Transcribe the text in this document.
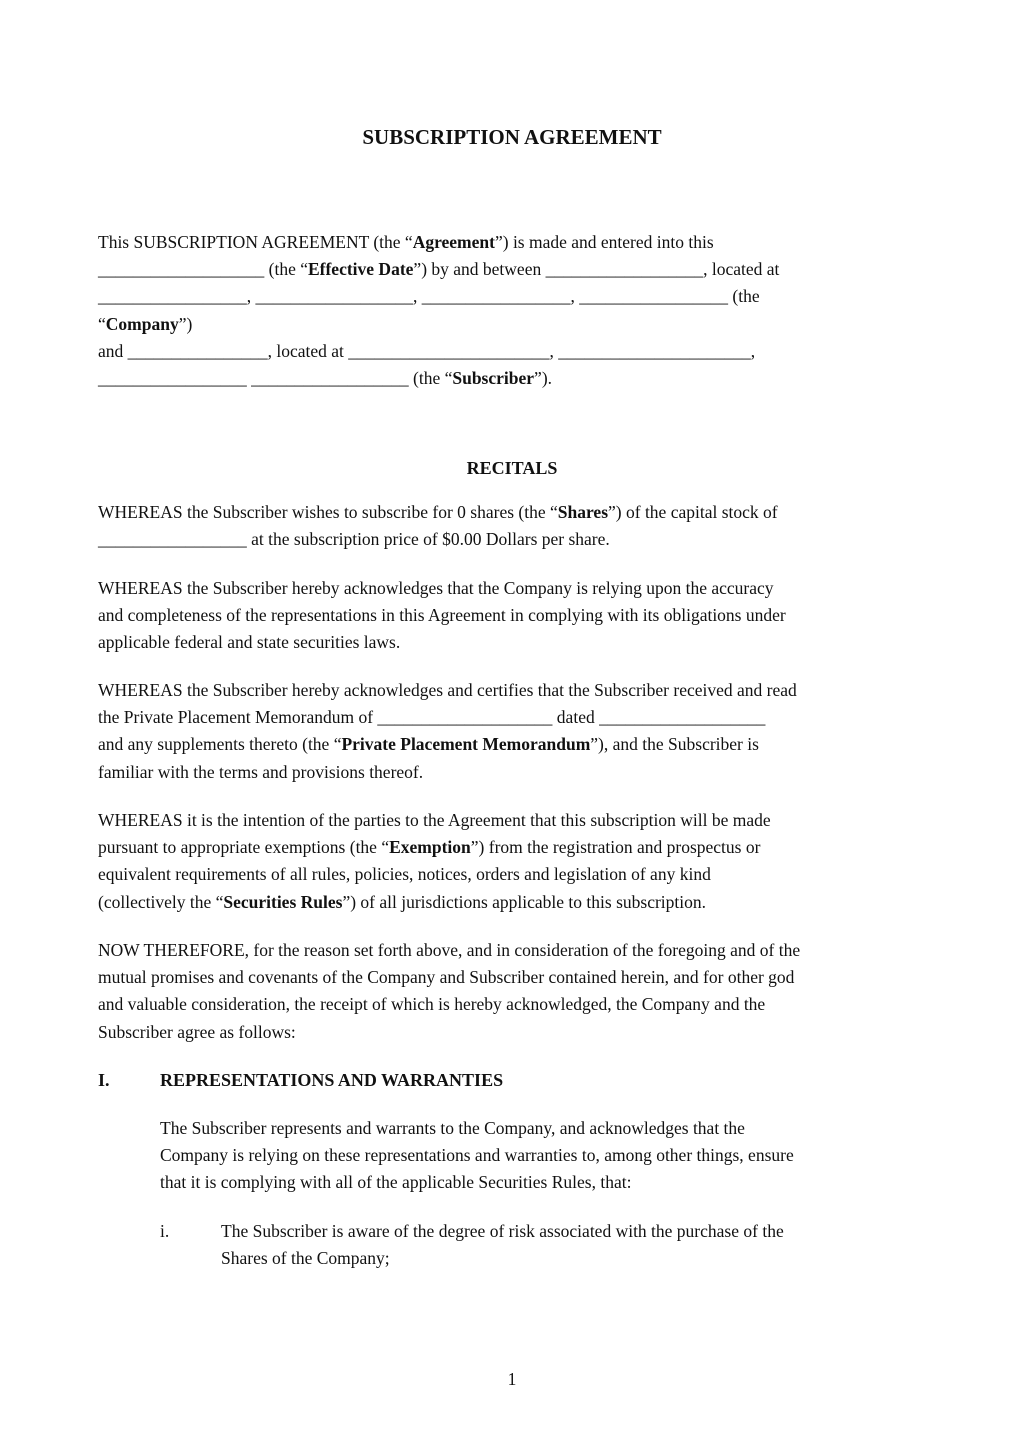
SUBSCRIPTION AGREEMENT
This SUBSCRIPTION AGREEMENT (the “Agreement”) is made and entered into this
___________________ (the “Effective Date”) by and between __________________, located at
_________________, __________________, _________________, _________________ (the
“Company”)
and ________________, located at _______________________, ______________________,
_________________ __________________ (the “Subscriber”).
RECITALS
WHEREAS the Subscriber wishes to subscribe for 0 shares (the “Shares”) of the capital stock of
_________________ at the subscription price of $0.00 Dollars per share.
WHEREAS the Subscriber hereby acknowledges that the Company is relying upon the accuracy
and completeness of the representations in this Agreement in complying with its obligations under
applicable federal and state securities laws.
WHEREAS the Subscriber hereby acknowledges and certifies that the Subscriber received and read
the Private Placement Memorandum of ____________________ dated ___________________
and any supplements thereto (the “Private Placement Memorandum”), and the Subscriber is
familiar with the terms and provisions thereof.
WHEREAS it is the intention of the parties to the Agreement that this subscription will be made
pursuant to appropriate exemptions (the “Exemption”) from the registration and prospectus or
equivalent requirements of all rules, policies, notices, orders and legislation of any kind
(collectively the “Securities Rules”) of all jurisdictions applicable to this subscription.
NOW THEREFORE, for the reason set forth above, and in consideration of the foregoing and of the
mutual promises and covenants of the Company and Subscriber contained herein, and for other god
and valuable consideration, the receipt of which is hereby acknowledged, the Company and the
Subscriber agree as follows:
I.	REPRESENTATIONS AND WARRANTIES
The Subscriber represents and warrants to the Company, and acknowledges that the
Company is relying on these representations and warranties to, among other things, ensure
that it is complying with all of the applicable Securities Rules, that:
i.	The Subscriber is aware of the degree of risk associated with the purchase of the
Shares of the Company;
1
